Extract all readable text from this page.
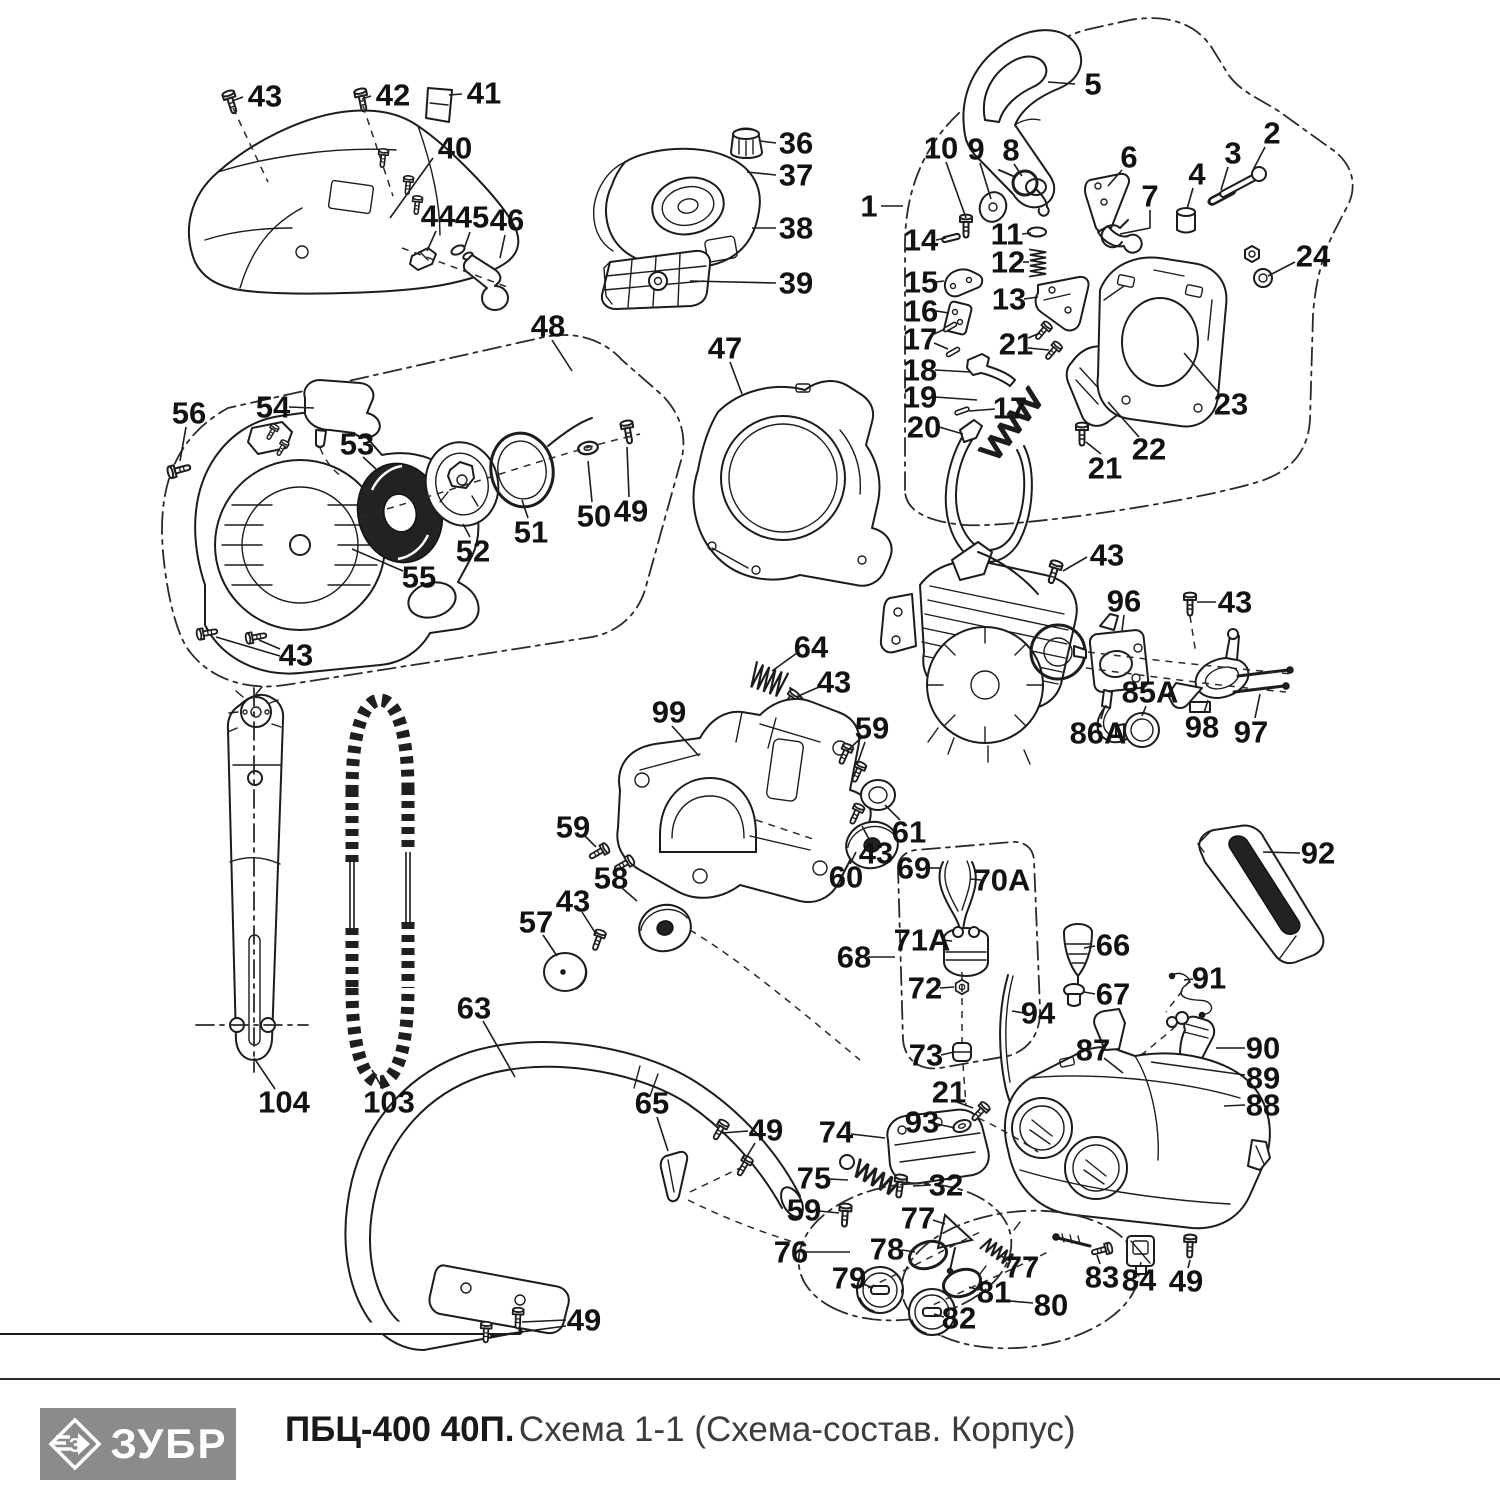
43	42 41
40
44 45 46
36
37
38
39
1
5
10 9 8	6
7
4
3
2
24
14 11
12
15 13
16
17
18
19 17
20
21
21
22
23
48
56 54
53
52
51 50 49
55
43
47
43
96 43
85A
86A 98 97
64
43
99	59
59
58
43
57
60
43
61
69 70A
71A
68
72
73
94
66
67
87
92
91
90
89
88
93
21
74
75	32
59
76
77
78
79
82
81 80
77 83 84 49
63
65
49
49
104 103
З ЗУБР ПБЦ-400 40П. Схема 1-1 (Схема-состав. Корпус)
